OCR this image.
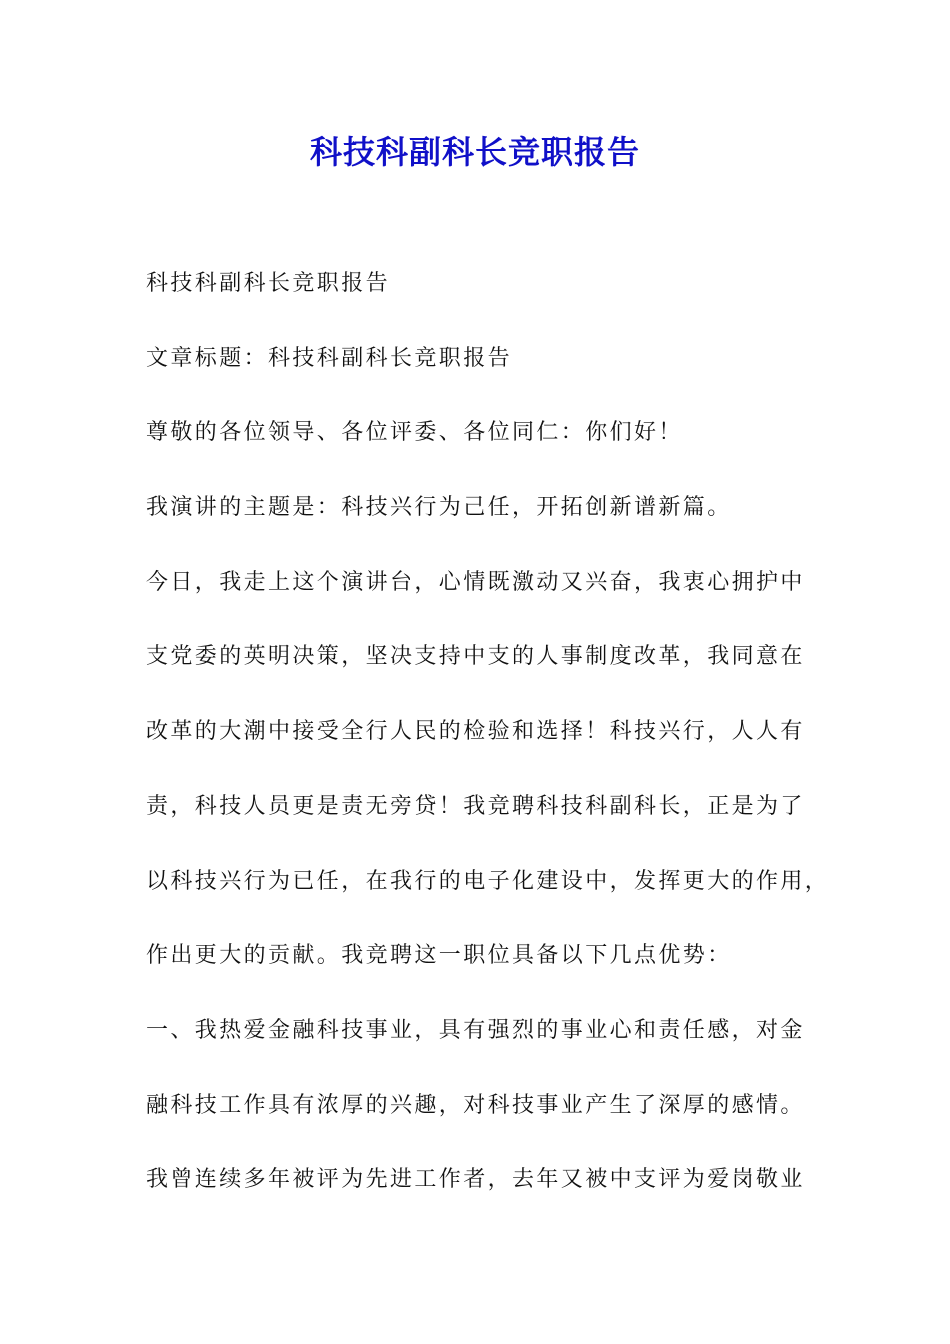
科技科副科长竞职报告
科技科副科长竞职报告
文章标题：科技科副科长竞职报告
尊敬的各位领导、各位评委、各位同仁：你们好！
我演讲的主题是：科技兴行为己任，开拓创新谱新篇。
今日，我走上这个演讲台，心情既激动又兴奋，我衷心拥护中
支党委的英明决策，坚决支持中支的人事制度改革，我同意在
改革的大潮中接受全行人民的检验和选择！科技兴行，人人有
责，科技人员更是责无旁贷！我竞聘科技科副科长，正是为了
以科技兴行为已任，在我行的电子化建设中，发挥更大的作用，
作出更大的贡献。我竞聘这一职位具备以下几点优势：
一、我热爱金融科技事业，具有强烈的事业心和责任感，对金
融科技工作具有浓厚的兴趣，对科技事业产生了深厚的感情。
我曾连续多年被评为先进工作者，去年又被中支评为爱岗敬业
